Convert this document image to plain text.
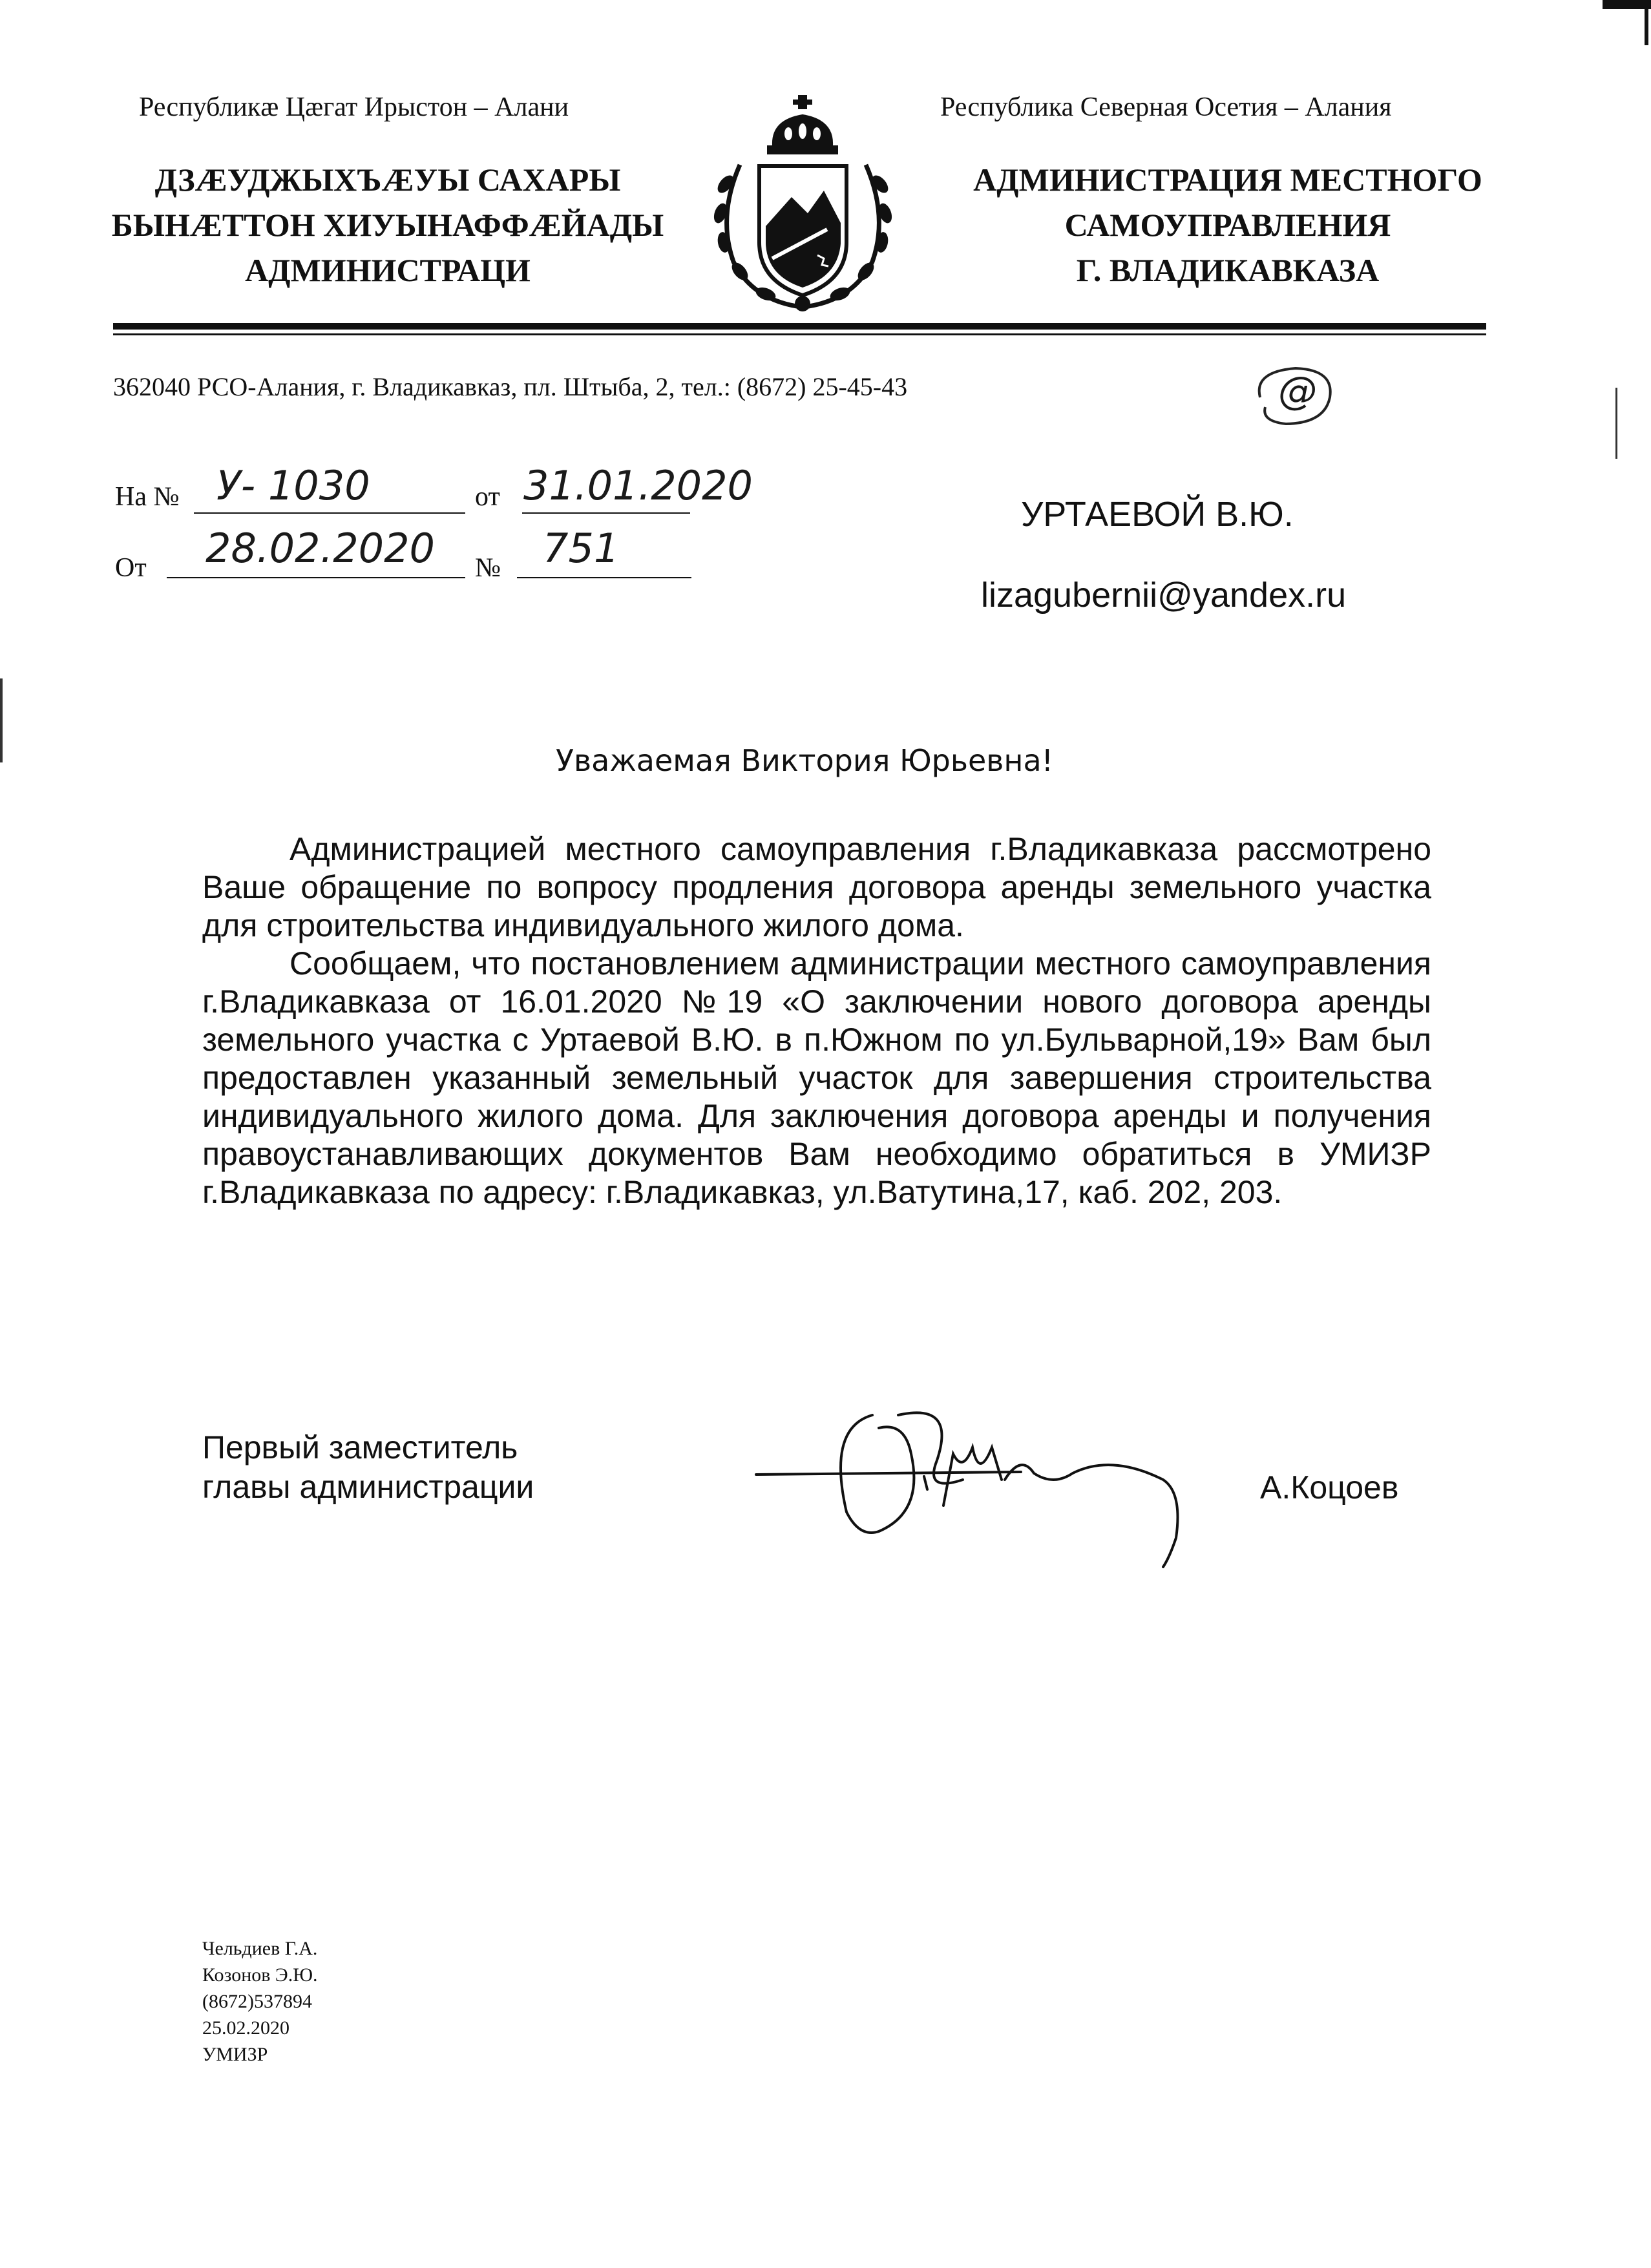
Республикæ Цæгат Ирыстон – Алани	Республика Северная Осетия – Алания
ДЗÆУДЖЫХЪÆУЫ САХАРЫ
БЫНÆТТОН ХИУЫНАФФÆЙАДЫ
АДМИНИСТРАЦИ
АДМИНИСТРАЦИЯ МЕСТНОГО
САМОУПРАВЛЕНИЯ
Г. ВЛАДИКАВКАЗА
362040 РСО-Алания, г. Владикавказ, пл. Штыба, 2, тел.: (8672) 25-45-43	@
На № У- 1030	от 31.01.2020
От 28.02.2020 № 751
УРТАЕВОЙ В.Ю.
lizagubernii@yandex.ru
Уважаемая Виктория Юрьевна!

Администрацией местного самоуправления г.Владикавказа рассмотрено Ваше обращение по вопросу продления договора аренды земельного участка для строительства индивидуального жилого дома.

Сообщаем, что постановлением администрации местного самоуправления г.Владикавказа от 16.01.2020 №19 «О заключении нового договора аренды земельного участка с Уртаевой В.Ю. в п.Южном по ул.Бульварной,19» Вам был предоставлен указанный земельный участок для завершения строительства индивидуального жилого дома. Для заключения договора аренды и получения правоустанавливающих документов Вам необходимо обратиться в УМИЗР г.Владикавказа по адресу: г.Владикавказ, ул.Ватутина,17, каб. 202, 203.

Первый заместитель
главы администрации	А.Коцоев
Чельдиев Г.А.
Козонов Э.Ю.
(8672)537894
25.02.2020
УМИЗР
